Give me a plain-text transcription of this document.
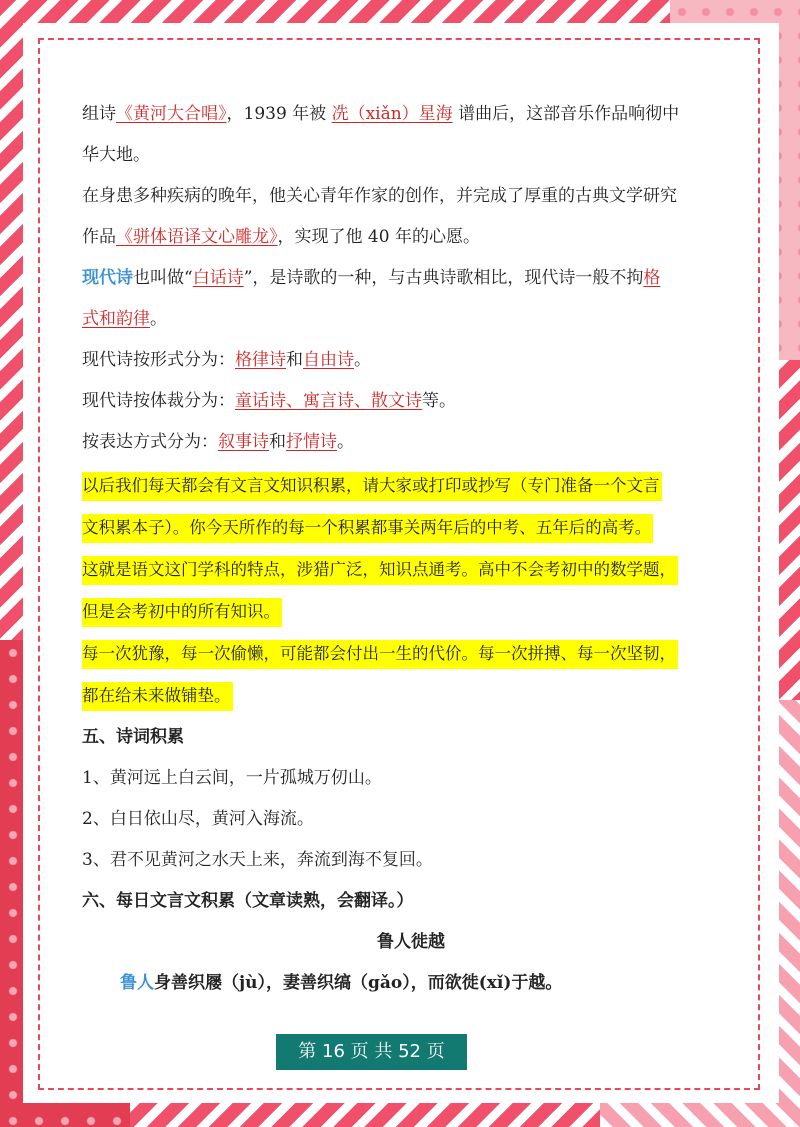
组诗《黄河大合唱》，1939 年被 冼（xiǎn）星海 谱曲后，这部音乐作品响彻中
华大地。
在身患多种疾病的晚年，他关心青年作家的创作，并完成了厚重的古典文学研究
作品《骈体语译文心雕龙》，实现了他 40 年的心愿。
现代诗也叫做“白话诗”，是诗歌的一种，与古典诗歌相比，现代诗一般不拘格
式和韵律。
现代诗按形式分为：格律诗和自由诗。
现代诗按体裁分为：童话诗、寓言诗、散文诗等。
按表达方式分为：叙事诗和抒情诗。
以后我们每天都会有文言文知识积累，请大家或打印或抄写（专门准备一个文言
文积累本子）。你今天所作的每一个积累都事关两年后的中考、五年后的高考。
这就是语文这门学科的特点，涉猎广泛，知识点通考。高中不会考初中的数学题，
但是会考初中的所有知识。
每一次犹豫，每一次偷懒，可能都会付出一生的代价。每一次拼搏、每一次坚韧，
都在给未来做铺垫。
五、诗词积累
1、黄河远上白云间，一片孤城万仞山。
2、白日依山尽，黄河入海流。
3、君不见黄河之水天上来，奔流到海不复回。
六、每日文言文积累（文章读熟，会翻译。）
鲁人徙越
鲁人身善织屦（jù），妻善织缟（gǎo），而欲徙(xǐ)于越。
第 16 页 共 52 页
